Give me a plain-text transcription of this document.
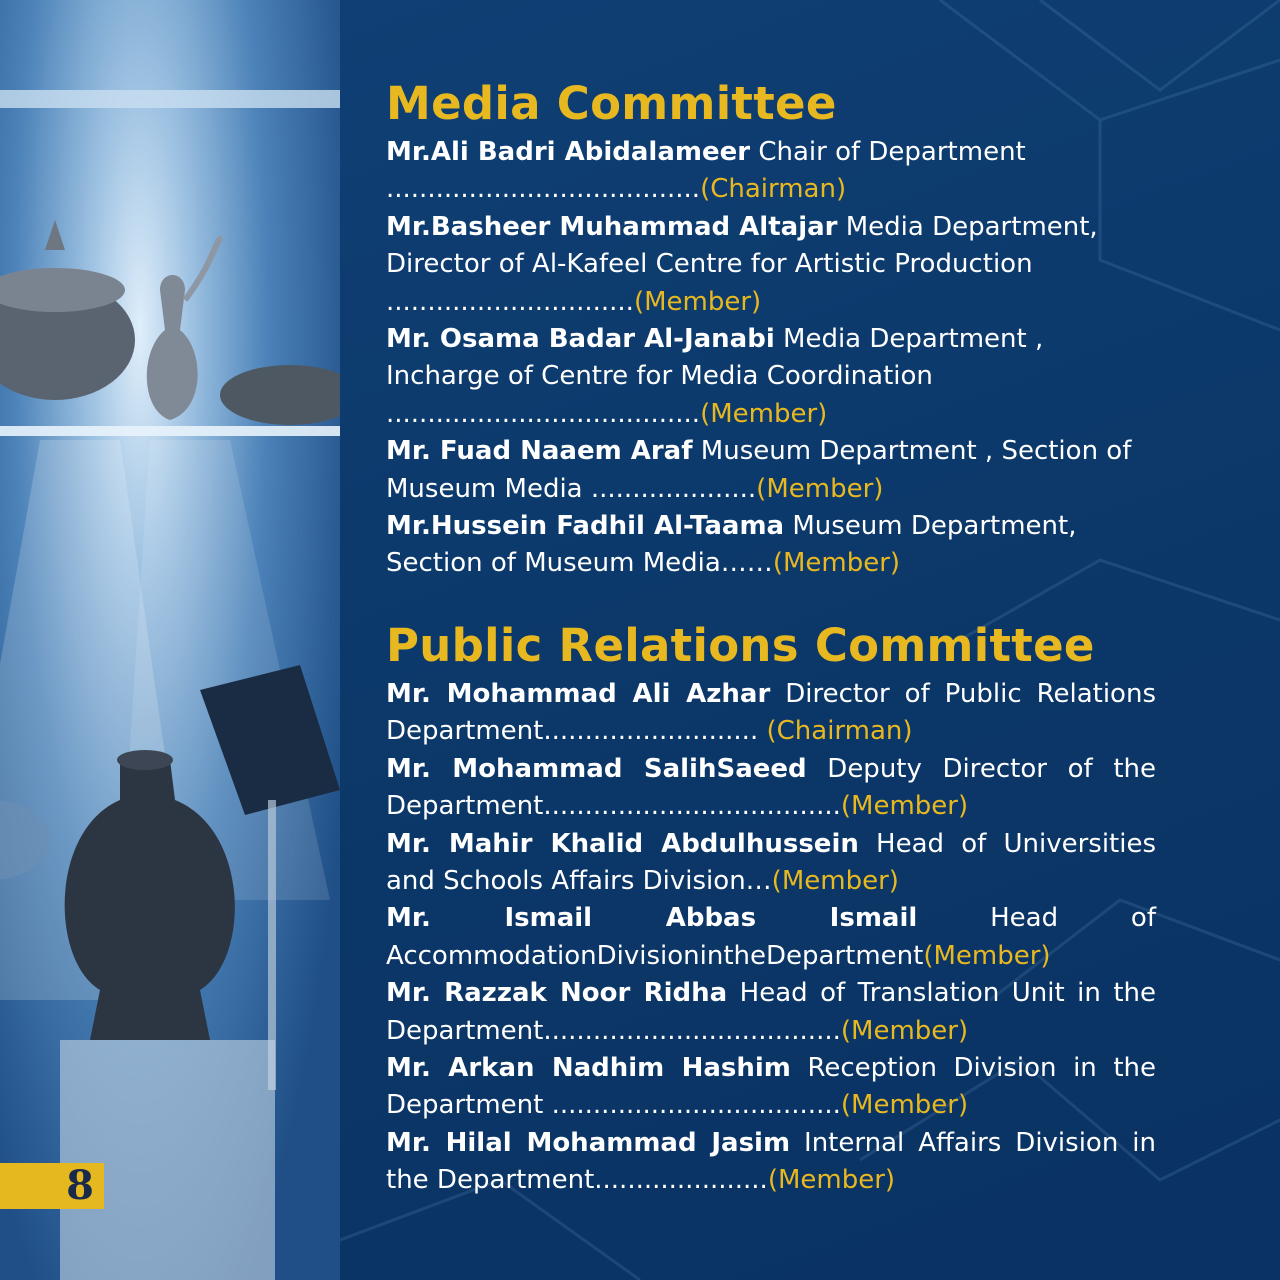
8
Media Committee

Mr.Ali Badri Abidalameer Chair of Department ......................................(Chairman)

Mr.Basheer Muhammad Altajar Media Department, Director of Al-Kafeel Centre for Artistic Production ..............................(Member)

Mr. Osama Badar Al-Janabi Media Department , Incharge of Centre for Media Coordination ......................................(Member)

Mr. Fuad Naaem Araf Museum Department , Section of Museum Media ....................(Member)

Mr.Hussein Fadhil Al-Taama Museum Department, Section of Museum Media……(Member)

Public Relations Committee

Mr. Mohammad Ali Azhar Director of Public Relations Department.......................... (Chairman)

Mr. Mohammad SalihSaeed Deputy Director of the Department....................................(Member)

Mr. Mahir Khalid Abdulhussein Head of Universities and Schools Affairs Division…(Member)

Mr. Ismail Abbas Ismail Head of AccommodationDivisionintheDepartment(Member)

Mr. Razzak Noor Ridha Head of Translation Unit in the Department....................................(Member)

Mr. Arkan Nadhim Hashim Reception Division in the Department ...................................(Member)

Mr. Hilal Mohammad Jasim Internal Affairs Division in the Department.....................(Member)
